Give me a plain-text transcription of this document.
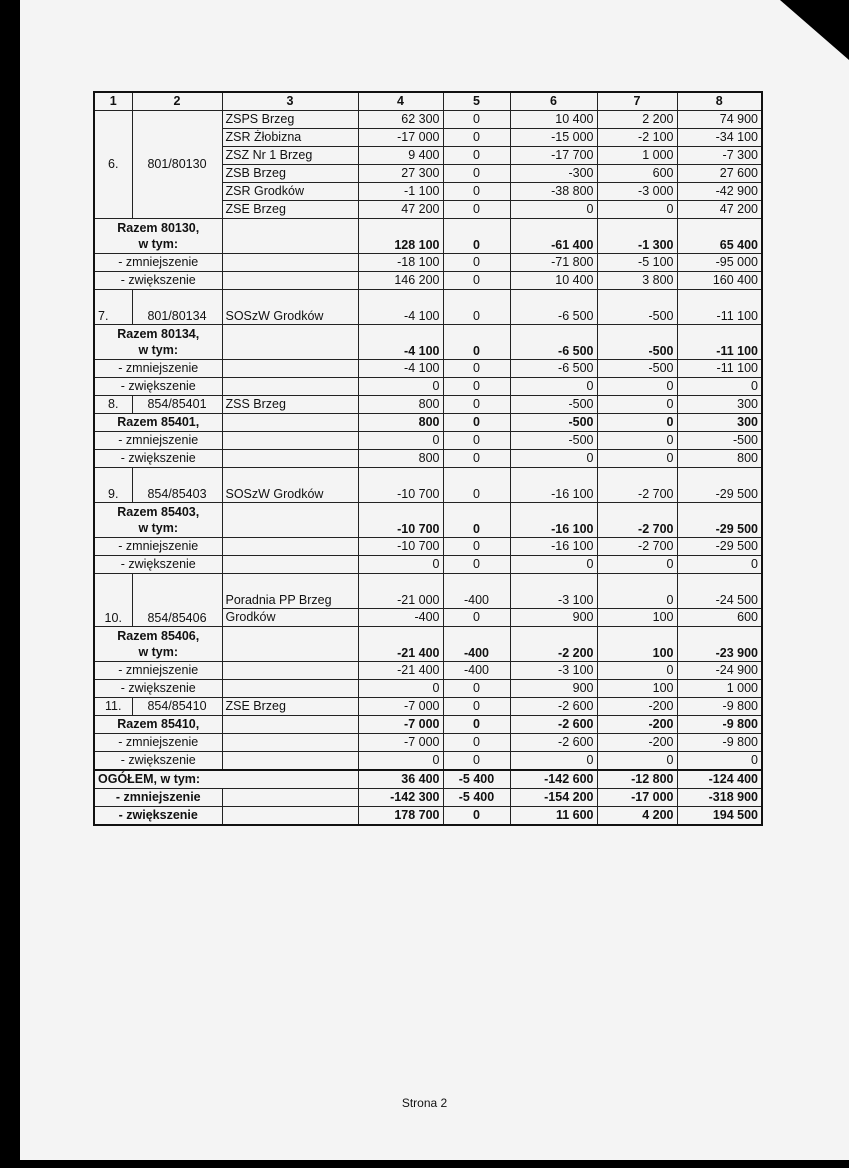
1	2	3	4	5	6	7	8
6.	801/80130	ZSPS Brzeg	62 300	0	10 400	2 200	74 900
		ZSR Żłobizna	-17 000	0	-15 000	-2 100	-34 100
		ZSZ Nr 1 Brzeg	9 400	0	-17 700	1 000	-7 300
		ZSB Brzeg	27 300	0	-300	600	27 600
		ZSR Grodków	-1 100	0	-38 800	-3 000	-42 900
		ZSE Brzeg	47 200	0	0	0	47 200
Razem 80130,
w tym:			128 100	0	-61 400	-1 300	65 400
- zmniejszenie			-18 100	0	-71 800	-5 100	-95 000
- zwiększenie			146 200	0	10 400	3 800	160 400
7.	801/80134	SOSzW Grodków	-4 100	0	-6 500	-500	-11 100
Razem 80134,
w tym:			-4 100	0	-6 500	-500	-11 100
- zmniejszenie			-4 100	0	-6 500	-500	-11 100
- zwiększenie			0	0	0	0	0
8.	854/85401	ZSS Brzeg	800	0	-500	0	300
Razem 85401,			800	0	-500	0	300
- zmniejszenie			0	0	-500	0	-500
- zwiększenie			800	0	0	0	800
9.	854/85403	SOSzW Grodków	-10 700	0	-16 100	-2 700	-29 500
Razem 85403,
w tym:			-10 700	0	-16 100	-2 700	-29 500
- zmniejszenie			-10 700	0	-16 100	-2 700	-29 500
- zwiększenie			0	0	0	0	0
10.	854/85406	Poradnia PP Brzeg	-21 000	-400	-3 100	0	-24 500
		Grodków	-400	0	900	100	600
Razem 85406,
w tym:			-21 400	-400	-2 200	100	-23 900
- zmniejszenie			-21 400	-400	-3 100	0	-24 900
- zwiększenie			0	0	900	100	1 000
11.	854/85410	ZSE Brzeg	-7 000	0	-2 600	-200	-9 800
Razem 85410,			-7 000	0	-2 600	-200	-9 800
- zmniejszenie			-7 000	0	-2 600	-200	-9 800
- zwiększenie			0	0	0	0	0
OGÓŁEM, w tym:			36 400	-5 400	-142 600	-12 800	-124 400
- zmniejszenie			-142 300	-5 400	-154 200	-17 000	-318 900
- zwiększenie			178 700	0	11 600	4 200	194 500
Strona 2
